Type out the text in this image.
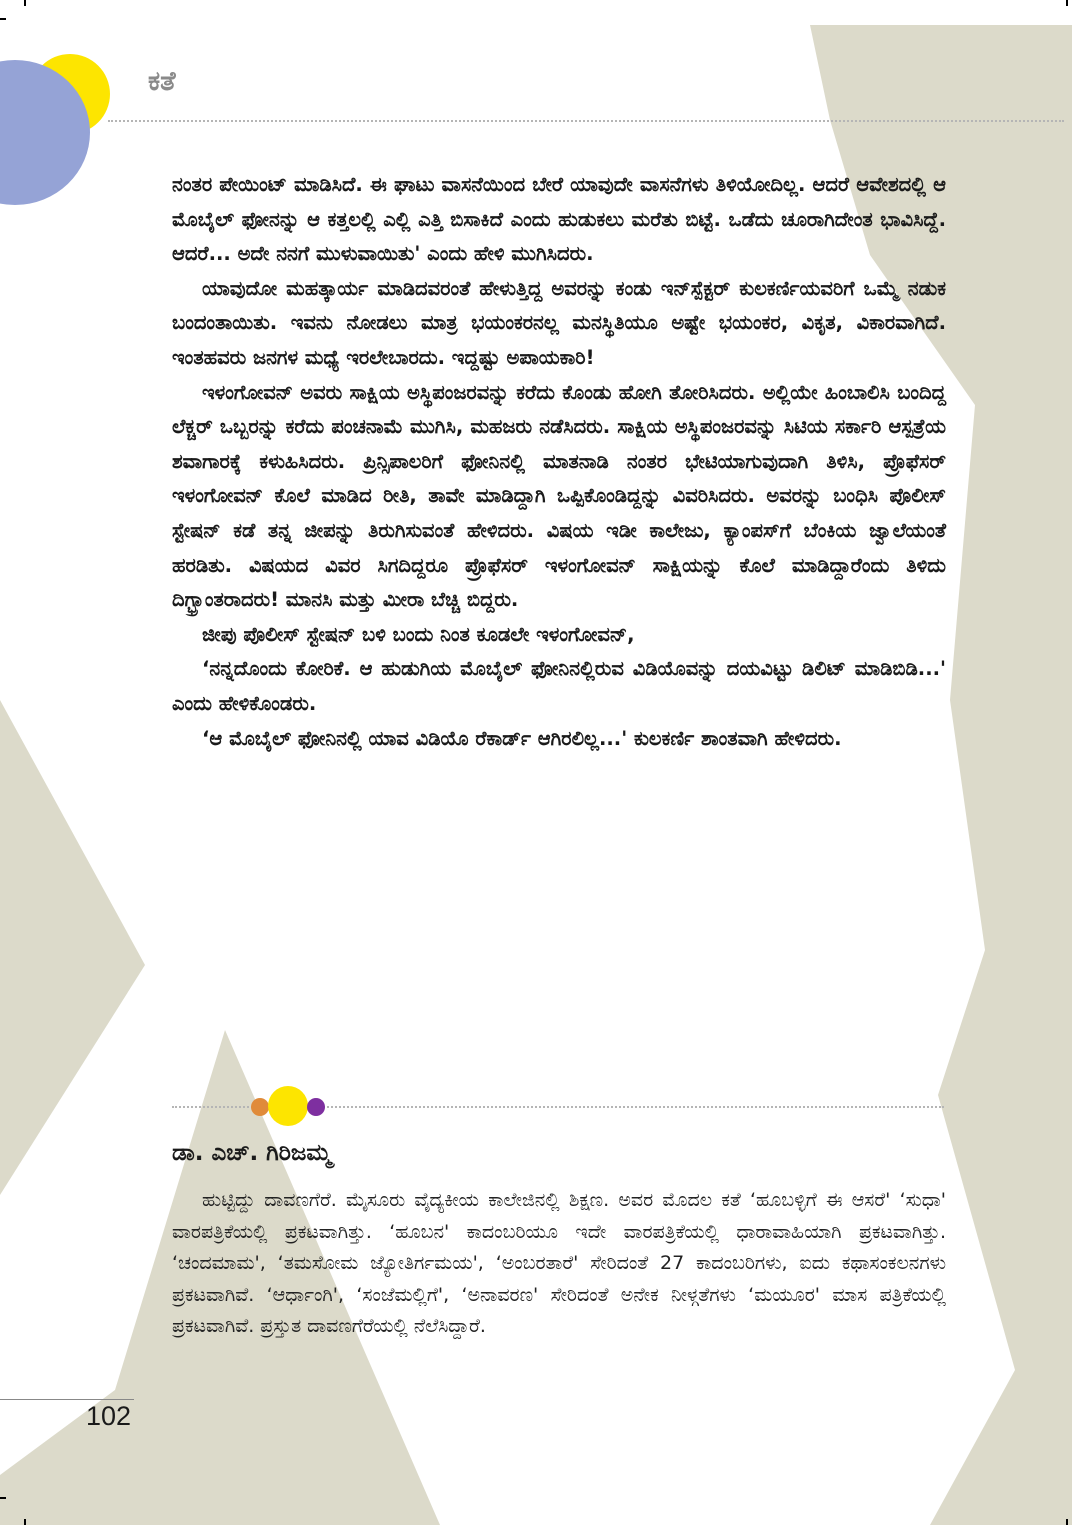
ಕತೆ

ನಂತರ ಪೇಯಿಂಟ್ ಮಾಡಿಸಿದೆ. ಈ ಘಾಟು ವಾಸನೆಯಿಂದ ಬೇರೆ ಯಾವುದೇ ವಾಸನೆಗಳು ತಿಳಿಯೋದಿಲ್ಲ. ಆದರೆ ಆವೇಶದಲ್ಲಿ ಆ ಮೊಬೈಲ್ ಫೋನನ್ನು ಆ ಕತ್ತಲಲ್ಲಿ ಎಲ್ಲಿ ಎತ್ತಿ ಬಿಸಾಕಿದೆ ಎಂದು ಹುಡುಕಲು ಮರೆತು ಬಿಟ್ಟೆ. ಒಡೆದು ಚೂರಾಗಿದೇಂತ ಭಾವಿಸಿದ್ದೆ. ಆದರೆ... ಅದೇ ನನಗೆ ಮುಳುವಾಯಿತು' ಎಂದು ಹೇಳಿ ಮುಗಿಸಿದರು.

ಯಾವುದೋ ಮಹತ್ಕಾರ್ಯ ಮಾಡಿದವರಂತೆ ಹೇಳುತ್ತಿದ್ದ ಅವರನ್ನು ಕಂಡು ಇನ್‌ಸ್ಪೆಕ್ಟರ್ ಕುಲಕರ್ಣಿಯವರಿಗೆ ಒಮ್ಮೆ ನಡುಕ ಬಂದಂತಾಯಿತು. ಇವನು ನೋಡಲು ಮಾತ್ರ ಭಯಂಕರನಲ್ಲ ಮನಸ್ಥಿತಿಯೂ ಅಷ್ಟೇ ಭಯಂಕರ, ವಿಕೃತ, ವಿಕಾರವಾಗಿದೆ. ಇಂತಹವರು ಜನಗಳ ಮಧ್ಯೆ ಇರಲೇಬಾರದು. ಇದ್ದಷ್ಟು ಅಪಾಯಕಾರಿ!

ಇಳಂಗೋವನ್ ಅವರು ಸಾಕ್ಷಿಯ ಅಸ್ಥಿಪಂಜರವನ್ನು ಕರೆದು ಕೊಂಡು ಹೋಗಿ ತೋರಿಸಿದರು. ಅಲ್ಲಿಯೇ ಹಿಂಬಾಲಿಸಿ ಬಂದಿದ್ದ ಲೆಕ್ಚರ್ ಒಬ್ಬರನ್ನು ಕರೆದು ಪಂಚನಾಮೆ ಮುಗಿಸಿ, ಮಹಜರು ನಡೆಸಿದರು. ಸಾಕ್ಷಿಯ ಅಸ್ಥಿಪಂಜರವನ್ನು ಸಿಟಿಯ ಸರ್ಕಾರಿ ಆಸ್ಪತ್ರೆಯ ಶವಾಗಾರಕ್ಕೆ ಕಳುಹಿಸಿದರು. ಪ್ರಿನ್ಸಿಪಾಲರಿಗೆ ಫೋನಿನಲ್ಲಿ ಮಾತನಾಡಿ ನಂತರ ಭೇಟಿಯಾಗುವುದಾಗಿ ತಿಳಿಸಿ, ಪ್ರೊಫೆಸರ್ ಇಳಂಗೋವನ್ ಕೊಲೆ ಮಾಡಿದ ರೀತಿ, ತಾವೇ ಮಾಡಿದ್ದಾಗಿ ಒಪ್ಪಿಕೊಂಡಿದ್ದನ್ನು ವಿವರಿಸಿದರು. ಅವರನ್ನು ಬಂಧಿಸಿ ಪೊಲೀಸ್ ಸ್ಟೇಷನ್ ಕಡೆ ತನ್ನ ಜೀಪನ್ನು ತಿರುಗಿಸುವಂತೆ ಹೇಳಿದರು. ವಿಷಯ ಇಡೀ ಕಾಲೇಜು, ಕ್ಯಾಂಪಸ್‌ಗೆ ಬೆಂಕಿಯ ಜ್ವಾಲೆಯಂತೆ ಹರಡಿತು. ವಿಷಯದ ವಿವರ ಸಿಗದಿದ್ದರೂ ಪ್ರೊಫೆಸರ್ ಇಳಂಗೋವನ್ ಸಾಕ್ಷಿಯನ್ನು ಕೊಲೆ ಮಾಡಿದ್ದಾರೆಂದು ತಿಳಿದು ದಿಗ್ಭ್ರಾಂತರಾದರು! ಮಾನಸಿ ಮತ್ತು ಮೀರಾ ಬೆಚ್ಚಿ ಬಿದ್ದರು.

ಜೀಪು ಪೊಲೀಸ್ ಸ್ಟೇಷನ್ ಬಳಿ ಬಂದು ನಿಂತ ಕೂಡಲೇ ಇಳಂಗೋವನ್,

‘ನನ್ನದೊಂದು ಕೋರಿಕೆ. ಆ ಹುಡುಗಿಯ ಮೊಬೈಲ್ ಫೋನಿನಲ್ಲಿರುವ ವಿಡಿಯೊವನ್ನು ದಯವಿಟ್ಟು ಡಿಲಿಟ್ ಮಾಡಿಬಿಡಿ...' ಎಂದು ಹೇಳಿಕೊಂಡರು.

‘ಆ ಮೊಬೈಲ್ ಫೋನಿನಲ್ಲಿ ಯಾವ ವಿಡಿಯೊ ರೆಕಾರ್ಡ್ ಆಗಿರಲಿಲ್ಲ...' ಕುಲಕರ್ಣಿ ಶಾಂತವಾಗಿ ಹೇಳಿದರು.

ಡಾ. ಎಚ್. ಗಿರಿಜಮ್ಮ

ಹುಟ್ಟಿದ್ದು ದಾವಣಗೆರೆ. ಮೈಸೂರು ವೈದ್ಯಕೀಯ ಕಾಲೇಜಿನಲ್ಲಿ ಶಿಕ್ಷಣ. ಅವರ ಮೊದಲ ಕತೆ ‘ಹೂಬಳ್ಳಿಗೆ ಈ ಆಸರೆ' ‘ಸುಧಾ' ವಾರಪತ್ರಿಕೆಯಲ್ಲಿ ಪ್ರಕಟವಾಗಿತ್ತು. ‘ಹೂಬನ' ಕಾದಂಬರಿಯೂ ಇದೇ ವಾರಪತ್ರಿಕೆಯಲ್ಲಿ ಧಾರಾವಾಹಿಯಾಗಿ ಪ್ರಕಟವಾಗಿತ್ತು. ‘ಚಂದಮಾಮ', ‘ತಮಸೋಮ ಜ್ಯೋತಿರ್ಗಮಯ', ‘ಅಂಬರತಾರೆ' ಸೇರಿದಂತೆ 27 ಕಾದಂಬರಿಗಳು, ಐದು ಕಥಾಸಂಕಲನಗಳು ಪ್ರಕಟವಾಗಿವೆ. ‘ಆರ್ಧಾಂಗಿ', ‘ಸಂಜೆಮಲ್ಲಿಗೆ', ‘ಅನಾವರಣ' ಸೇರಿದಂತೆ ಅನೇಕ ನೀಳ್ಗತೆಗಳು ‘ಮಯೂರ' ಮಾಸ ಪತ್ರಿಕೆಯಲ್ಲಿ ಪ್ರಕಟವಾಗಿವೆ. ಪ್ರಸ್ತುತ ದಾವಣಗೆರೆಯಲ್ಲಿ ನೆಲೆಸಿದ್ದಾರೆ.

102
